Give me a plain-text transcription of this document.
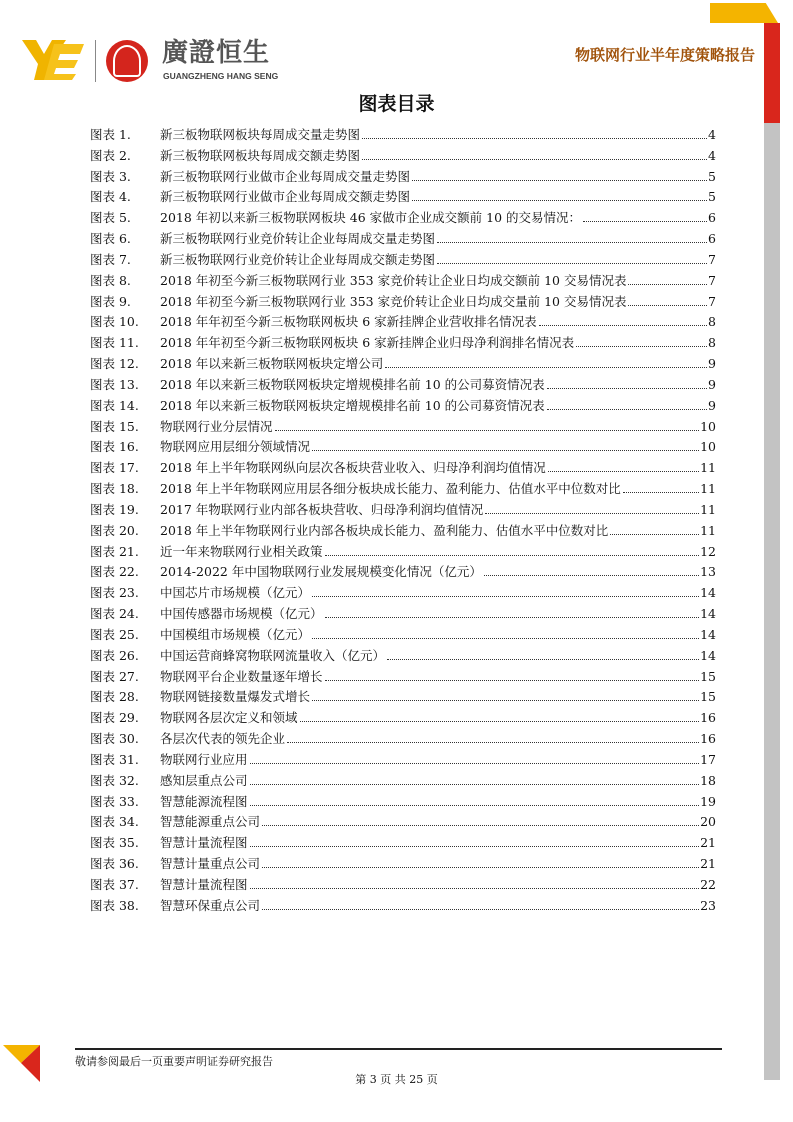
廣證恒生
GUANGZHENG HANG SENG
物联网行业半年度策略报告
图表目录
图表 1.	新三板物联网板块每周成交量走势图	4
图表 2.	新三板物联网板块每周成交额走势图	4
图表 3.	新三板物联网行业做市企业每周成交量走势图	5
图表 4.	新三板物联网行业做市企业每周成交额走势图	5
图表 5.	2018 年初以来新三板物联网板块 46 家做市企业成交额前 10 的交易情况：	6
图表 6.	新三板物联网行业竞价转让企业每周成交量走势图	6
图表 7.	新三板物联网行业竞价转让企业每周成交额走势图	7
图表 8.	2018 年初至今新三板物联网行业 353 家竞价转让企业日均成交额前 10 交易情况表	7
图表 9.	2018 年初至今新三板物联网行业 353 家竞价转让企业日均成交量前 10 交易情况表	7
图表 10.	2018 年年初至今新三板物联网板块 6 家新挂牌企业营收排名情况表	8
图表 11.	2018 年年初至今新三板物联网板块 6 家新挂牌企业归母净利润排名情况表	8
图表 12.	2018 年以来新三板物联网板块定增公司	9
图表 13.	2018 年以来新三板物联网板块定增规模排名前 10 的公司募资情况表	9
图表 14.	2018 年以来新三板物联网板块定增规模排名前 10 的公司募资情况表	9
图表 15.	物联网行业分层情况	10
图表 16.	物联网应用层细分领域情况	10
图表 17.	2018 年上半年物联网纵向层次各板块营业收入、归母净利润均值情况	11
图表 18.	2018 年上半年物联网应用层各细分板块成长能力、盈利能力、估值水平中位数对比	11
图表 19.	2017 年物联网行业内部各板块营收、归母净利润均值情况	11
图表 20.	2018 年上半年物联网行业内部各板块成长能力、盈利能力、估值水平中位数对比	11
图表 21.	近一年来物联网行业相关政策	12
图表 22.	2014-2022 年中国物联网行业发展规模变化情况（亿元）	13
图表 23.	中国芯片市场规模（亿元）	14
图表 24.	中国传感器市场规模（亿元）	14
图表 25.	中国模组市场规模（亿元）	14
图表 26.	中国运营商蜂窝物联网流量收入（亿元）	14
图表 27.	物联网平台企业数量逐年增长	15
图表 28.	物联网链接数量爆发式增长	15
图表 29.	物联网各层次定义和领域	16
图表 30.	各层次代表的领先企业	16
图表 31.	物联网行业应用	17
图表 32.	感知层重点公司	18
图表 33.	智慧能源流程图	19
图表 34.	智慧能源重点公司	20
图表 35.	智慧计量流程图	21
图表 36.	智慧计量重点公司	21
图表 37.	智慧计量流程图	22
图表 38.	智慧环保重点公司	23
敬请参阅最后一页重要声明证券研究报告
第 3 页 共 25 页
